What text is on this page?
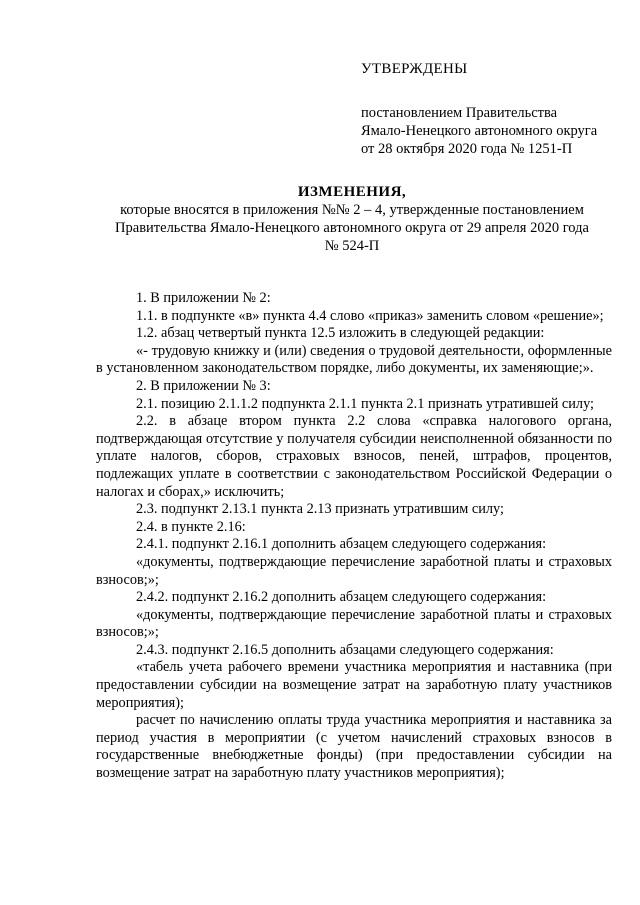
УТВЕРЖДЕНЫ
постановлением Правительства
Ямало-Ненецкого автономного округа
от 28 октября 2020 года № 1251-П
ИЗМЕНЕНИЯ,
которые вносятся в приложения №№ 2 – 4, утвержденные постановлением
Правительства Ямало-Ненецкого автономного округа от 29 апреля 2020 года
№ 524-П

1. В приложении № 2:

1.1. в подпункте «в» пункта 4.4 слово «приказ» заменить словом «решение»;

1.2. абзац четвертый пункта 12.5 изложить в следующей редакции:

«- трудовую книжку и (или) сведения о трудовой деятельности, оформленные в установленном законодательством порядке, либо документы, их заменяющие;».

2. В приложении № 3:

2.1. позицию 2.1.1.2 подпункта 2.1.1 пункта 2.1 признать утратившей силу;

2.2. в абзаце втором пункта 2.2 слова «справка налогового органа, подтверждающая отсутствие у получателя субсидии неисполненной обязанности по уплате налогов, сборов, страховых взносов, пеней, штрафов, процентов, подлежащих уплате в соответствии с законодательством Российской Федерации о налогах и сборах,» исключить;

2.3. подпункт 2.13.1 пункта 2.13 признать утратившим силу;

2.4. в пункте 2.16:

2.4.1. подпункт 2.16.1 дополнить абзацем следующего содержания:

«документы, подтверждающие перечисление заработной платы и страховых взносов;»;

2.4.2. подпункт 2.16.2 дополнить абзацем следующего содержания:

«документы, подтверждающие перечисление заработной платы и страховых взносов;»;

2.4.3. подпункт 2.16.5 дополнить абзацами следующего содержания:

«табель учета рабочего времени участника мероприятия и наставника (при предоставлении субсидии на возмещение затрат на заработную плату участников мероприятия);

расчет по начислению оплаты труда участника мероприятия и наставника за период участия в мероприятии (с учетом начислений страховых взносов в государственные внебюджетные фонды) (при предоставлении субсидии на возмещение затрат на заработную плату участников мероприятия);
